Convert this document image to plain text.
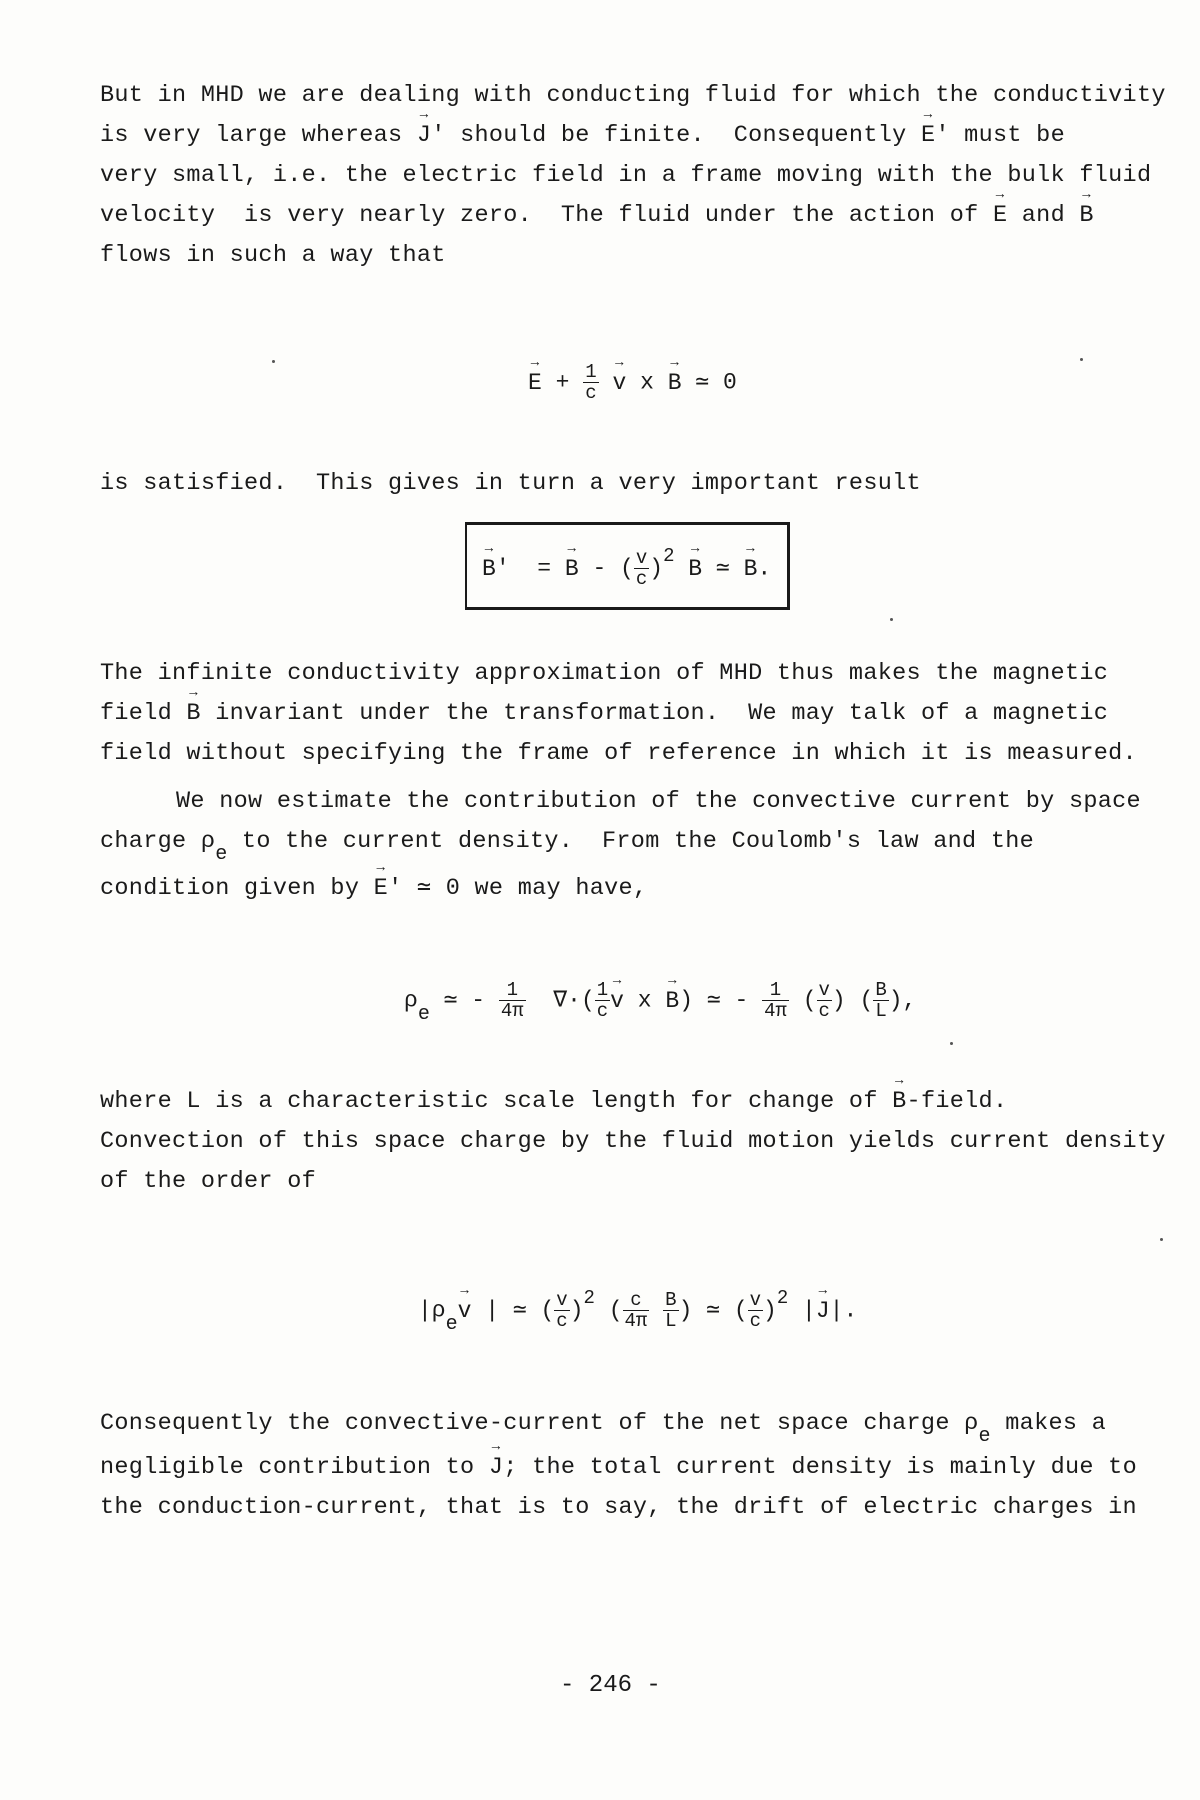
But in MHD we are dealing with conducting fluid for which the conductivity
is very large whereas → J' should be finite.  Consequently → E' must be
very small, i.e. the electric field in a frame moving with the bulk fluid
velocity  is very nearly zero.  The fluid under the action of → E and → B
flows in such a way that
→ $E + \frac{1}{c} \to v$ x → B ≃ 0
is satisfied.  This gives in turn a very important result
→ B'  = → B - ( $\frac{v}{c} )^2 \to B$ ≃ → B.
The infinite conductivity approximation of MHD thus makes the magnetic
field → B invariant under the transformation.  We may talk of a magnetic
field without specifying the frame of reference in which it is measured.
We now estimate the contribution of the convective current by space
charge ρe to the current density.  From the Coulomb's law and the
condition given by → E' ≃ 0 we may have,
ρe ≃ - $\frac{1}{4\pi}$ ∇·( $\frac{1}{c} \to v$ x → B) ≃ - $\frac{1}{4\pi}$ ( $\frac{v}{c}$ ) ( $\frac{B}{L}$ ),
where L is a characteristic scale length for change of → B-field.
Convection of this space charge by the fluid motion yields current density
of the order of
|ρe→ v | ≃ ( $\frac{v}{c} )^2$ ( $\frac{c}{4\pi}$
$\frac{B}{L}$ ) ≃ ( $\frac{v}{c} )^2$ |→ J|.
Consequently the convective-current of the net space charge ρe makes a
negligible contribution to → J; the total current density is mainly due to
the conduction-current, that is to say, the drift of electric charges in
- 246 -
